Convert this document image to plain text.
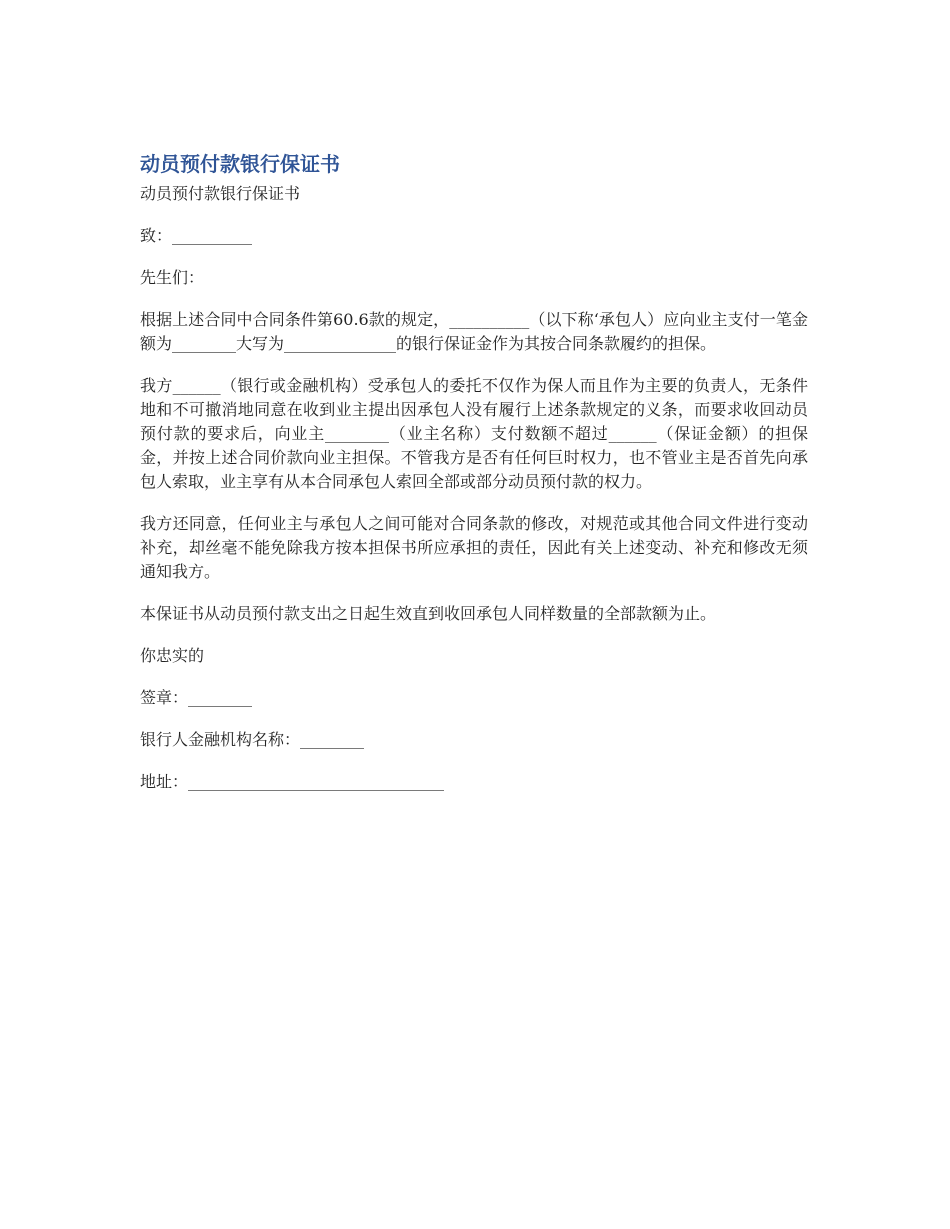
动员预付款银行保证书

动员预付款银行保证书

致：__________

先生们：

根据上述合同中合同条件第60.6款的规定，__________（以下称‘承包人）应向业主支付一笔金额为________大写为______________的银行保证金作为其按合同条款履约的担保。

我方______（银行或金融机构）受承包人的委托不仅作为保人而且作为主要的负责人，无条件地和不可撤消地同意在收到业主提出因承包人没有履行上述条款规定的义条，而要求收回动员预付款的要求后，向业主________（业主名称）支付数额不超过______（保证金额）的担保金，并按上述合同价款向业主担保。不管我方是否有任何巨时权力，也不管业主是否首先向承包人索取，业主享有从本合同承包人索回全部或部分动员预付款的权力。

我方还同意，任何业主与承包人之间可能对合同条款的修改，对规范或其他合同文件进行变动补充，却丝毫不能免除我方按本担保书所应承担的责任，因此有关上述变动、补充和修改无须通知我方。

本保证书从动员预付款支出之日起生效直到收回承包人同样数量的全部款额为止。

你忠实的

签章：________

银行人金融机构名称：________

地址：________________________________
